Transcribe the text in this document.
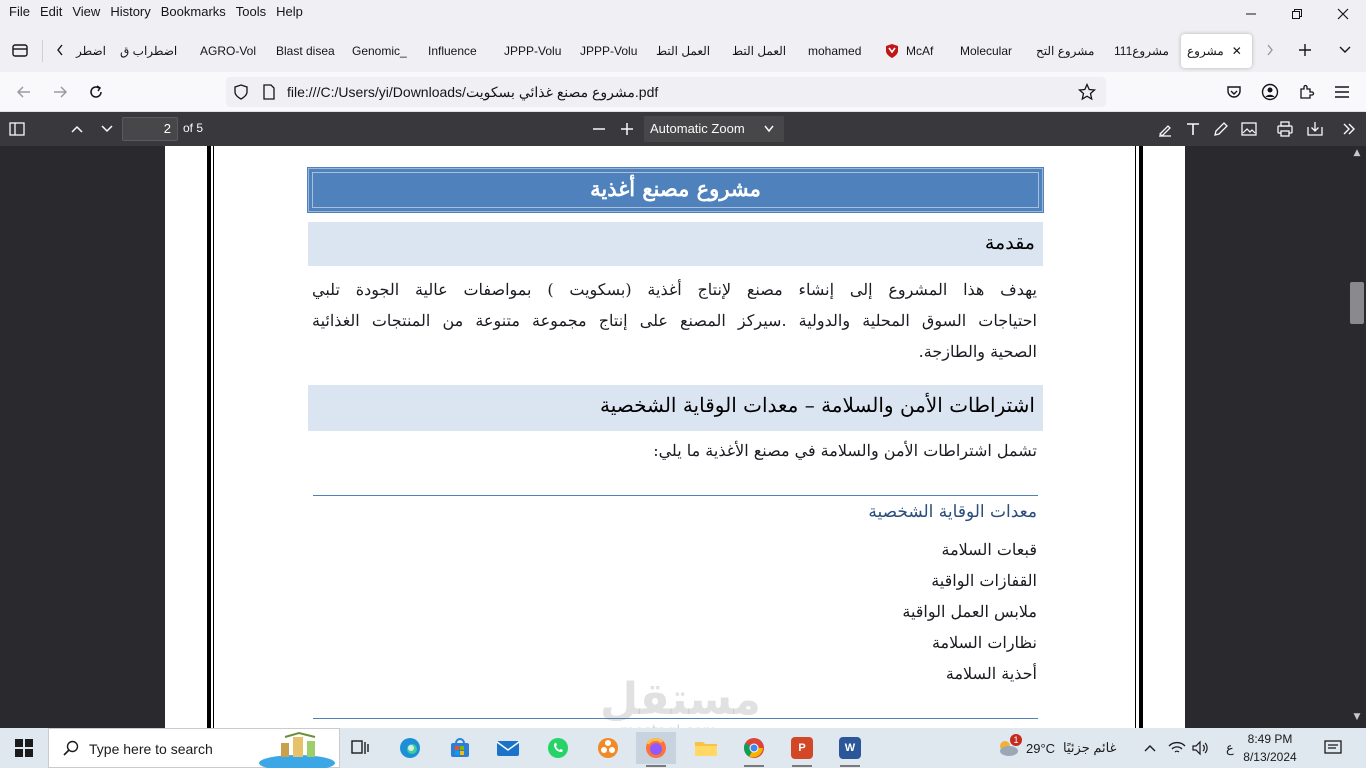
File Edit View History Bookmarks Tools Help
اضطر اضطراب ق AGRO-Vol Blast disea Genomic_ Influence JPPP-Volu JPPP-Volu العمل التط العمل التط mohamed	McAf Molecular مشروع التح 111مشروع مشروع ✕
file:///C:/Users/yi/Downloads/مشروع مصنع غذائي بسكويت.pdf
2	of 5	Automatic Zoom
مشروع مصنع أغذية
مقدمة
يهدف هذا المشروع إلى إنشاء مصنع لإنتاج أغذية (بسكويت ) بمواصفات عالية الجودة تلبي
احتياجات السوق المحلية والدولية .سيركز المصنع على إنتاج مجموعة متنوعة من المنتجات الغذائية
الصحية والطازجة.
اشتراطات الأمن والسلامة – معدات الوقاية الشخصية
تشمل اشتراطات الأمن والسلامة في مصنع الأغذية ما يلي:
معدات الوقاية الشخصية
قبعات السلامة
القفازات الواقية
ملابس العمل الواقية
نظارات السلامة
أحذية السلامة
مستقل
▲
▼
Type here to search	P	W
1
29°C غائم جزئيًا	ع
8:49 PM
8/13/2024
